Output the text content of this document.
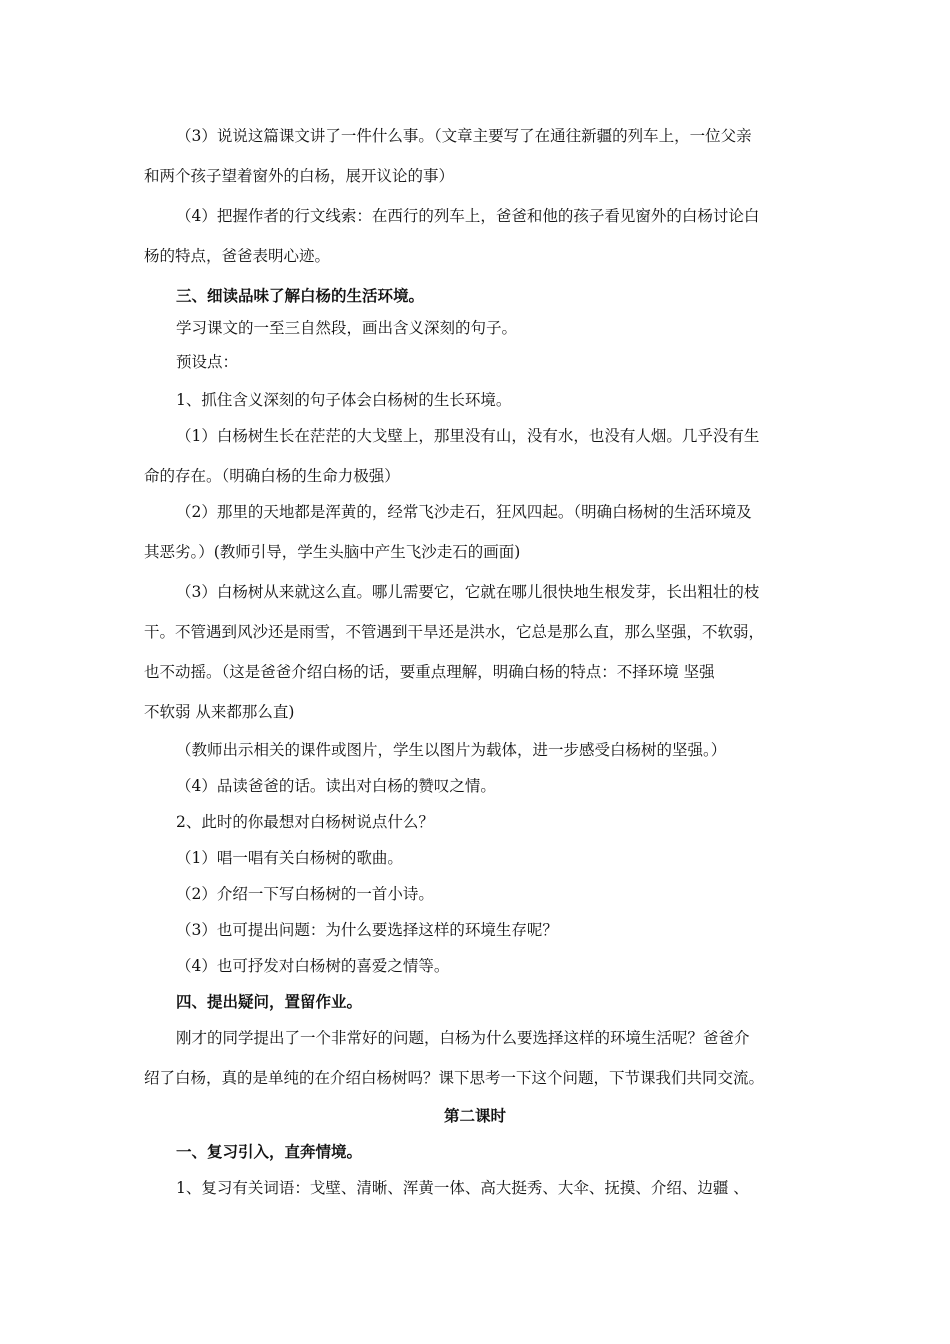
（3）说说这篇课文讲了一件什么事。（文章主要写了在通往新疆的列车上，一位父亲
和两个孩子望着窗外的白杨，展开议论的事）
（4）把握作者的行文线索：在西行的列车上，爸爸和他的孩子看见窗外的白杨讨论白
杨的特点，爸爸表明心迹。
三、细读品味了解白杨的生活环境。
学习课文的一至三自然段，画出含义深刻的句子。
预设点：
1、抓住含义深刻的句子体会白杨树的生长环境。
（1）白杨树生长在茫茫的大戈壁上，那里没有山，没有水，也没有人烟。几乎没有生
命的存在。（明确白杨的生命力极强）
（2）那里的天地都是浑黄的，经常飞沙走石，狂风四起。（明确白杨树的生活环境及
其恶劣。）(教师引导，学生头脑中产生飞沙走石的画面)
（3）白杨树从来就这么直。哪儿需要它，它就在哪儿很快地生根发芽，长出粗壮的枝
干。不管遇到风沙还是雨雪，不管遇到干旱还是洪水，它总是那么直，那么坚强，不软弱，
也不动摇。（这是爸爸介绍白杨的话，要重点理解，明确白杨的特点：不择环境 坚强
不软弱 从来都那么直)
（教师出示相关的课件或图片，学生以图片为载体，进一步感受白杨树的坚强。）
（4）品读爸爸的话。读出对白杨的赞叹之情。
2、此时的你最想对白杨树说点什么？
（1）唱一唱有关白杨树的歌曲。
（2）介绍一下写白杨树的一首小诗。
（3）也可提出问题：为什么要选择这样的环境生存呢？
（4）也可抒发对白杨树的喜爱之情等。
四、提出疑问，置留作业。
刚才的同学提出了一个非常好的问题，白杨为什么要选择这样的环境生活呢？爸爸介
绍了白杨，真的是单纯的在介绍白杨树吗？课下思考一下这个问题，下节课我们共同交流。
第二课时
一、复习引入，直奔情境。
1、复习有关词语：戈壁、清晰、浑黄一体、高大挺秀、大伞、抚摸、介绍、边疆 、
